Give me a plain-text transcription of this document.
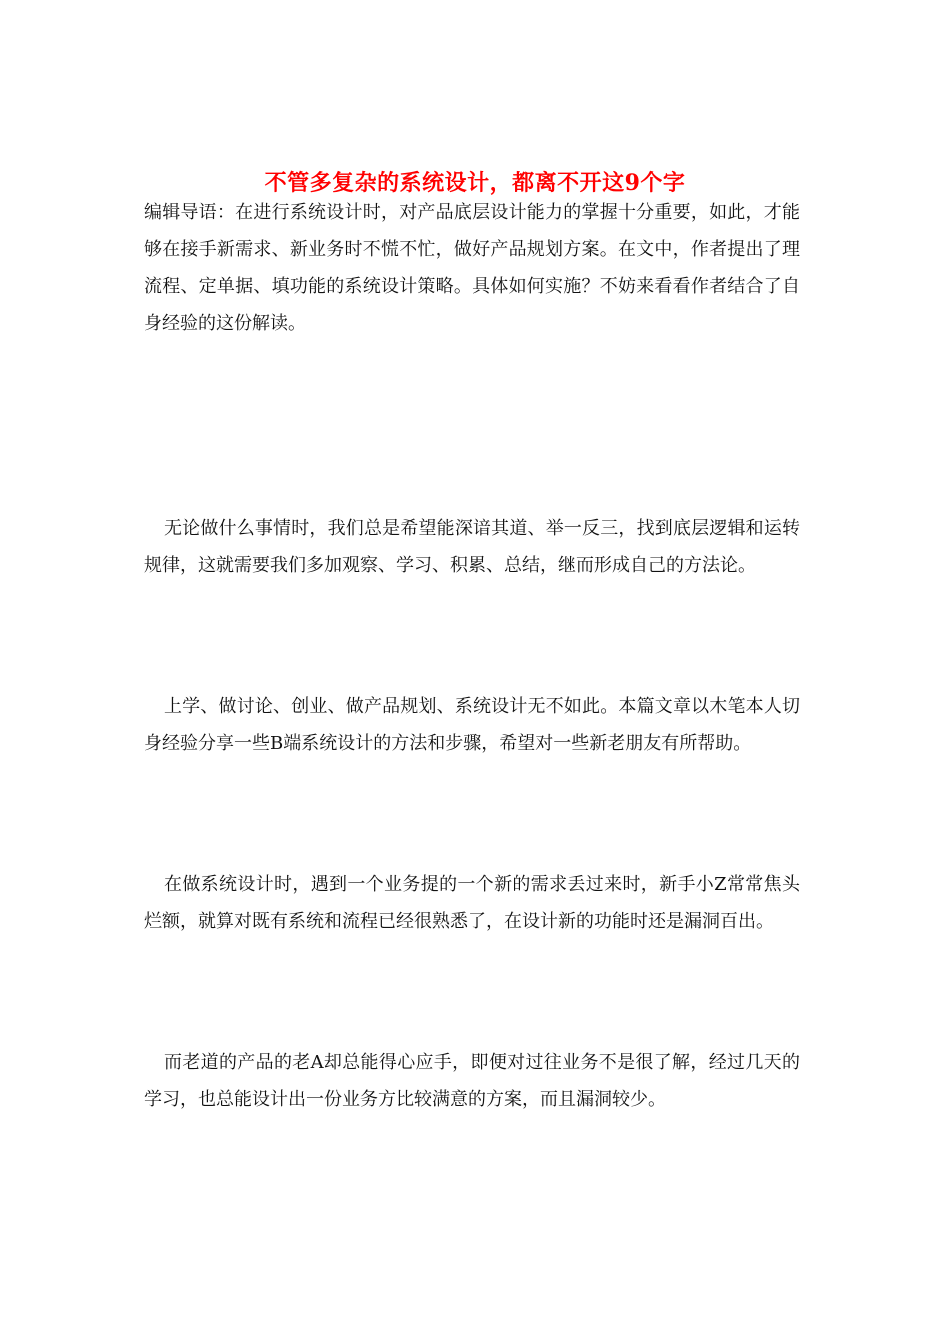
不管多复杂的系统设计，都离不开这9个字

编辑导语：在进行系统设计时，对产品底层设计能力的掌握十分重要，如此，才能够在接手新需求、新业务时不慌不忙，做好产品规划方案。在文中，作者提出了理流程、定单据、填功能的系统设计策略。具体如何实施？不妨来看看作者结合了自身经验的这份解读。

无论做什么事情时，我们总是希望能深谙其道、举一反三，找到底层逻辑和运转规律，这就需要我们多加观察、学习、积累、总结，继而形成自己的方法论。

上学、做讨论、创业、做产品规划、系统设计无不如此。本篇文章以木笔本人切身经验分享一些B端系统设计的方法和步骤，希望对一些新老朋友有所帮助。

在做系统设计时，遇到一个业务提的一个新的需求丢过来时，新手小Z常常焦头烂额，就算对既有系统和流程已经很熟悉了，在设计新的功能时还是漏洞百出。

而老道的产品的老A却总能得心应手，即便对过往业务不是很了解，经过几天的学习，也总能设计出一份业务方比较满意的方案，而且漏洞较少。
